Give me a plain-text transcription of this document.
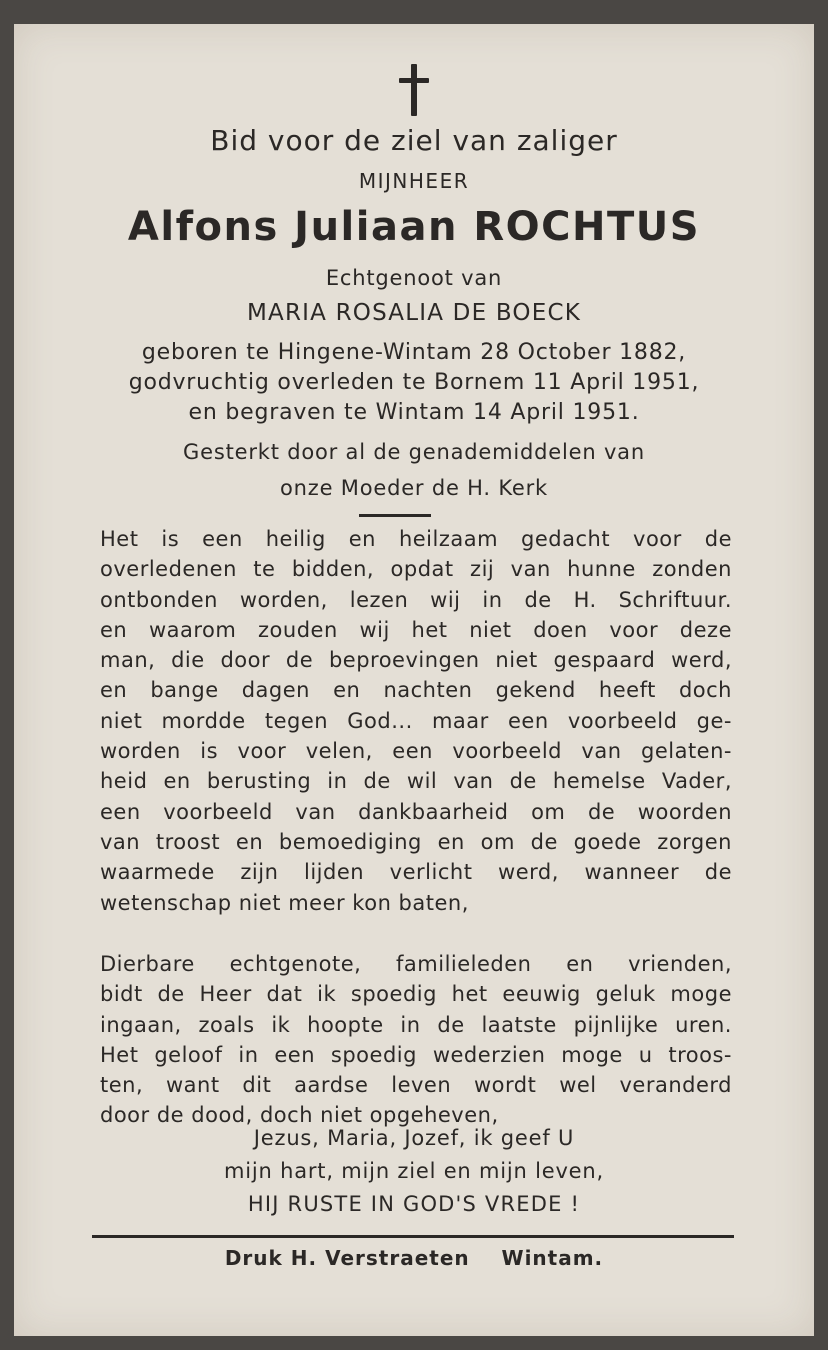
Bid voor de ziel van zaliger
MIJNHEER
Alfons Juliaan ROCHTUS
Echtgenoot van
MARIA ROSALIA DE BOECK
geboren te Hingene-Wintam 28 October 1882,
godvruchtig overleden te Bornem 11 April 1951,
en begraven te Wintam 14 April 1951.
Gesterkt door al de genademiddelen van
onze Moeder de H. Kerk
Het is een heilig en heilzaam gedacht voor de
overledenen te bidden, opdat zij van hunne zonden
ontbonden worden, lezen wij in de H. Schriftuur.
en waarom zouden wij het niet doen voor deze
man, die door de beproevingen niet gespaard werd,
en bange dagen en nachten gekend heeft doch
niet mordde tegen God... maar een voorbeeld ge-
worden is voor velen, een voorbeeld van gelaten-
heid en berusting in de wil van de hemelse Vader,
een voorbeeld van dankbaarheid om de woorden
van troost en bemoediging en om de goede zorgen
waarmede zijn lijden verlicht werd, wanneer de
wetenschap niet meer kon baten,
Dierbare echtgenote, familieleden en vrienden,
bidt de Heer dat ik spoedig het eeuwig geluk moge
ingaan, zoals ik hoopte in de laatste pijnlijke uren.
Het geloof in een spoedig wederzien moge u troos-
ten, want dit aardse leven wordt wel veranderd
door de dood, doch niet opgeheven,
Jezus, Maria, Jozef, ik geef U
mijn hart, mijn ziel en mijn leven,
HIJ RUSTE IN GOD'S VREDE !
Druk H. Verstraeten    Wintam.
